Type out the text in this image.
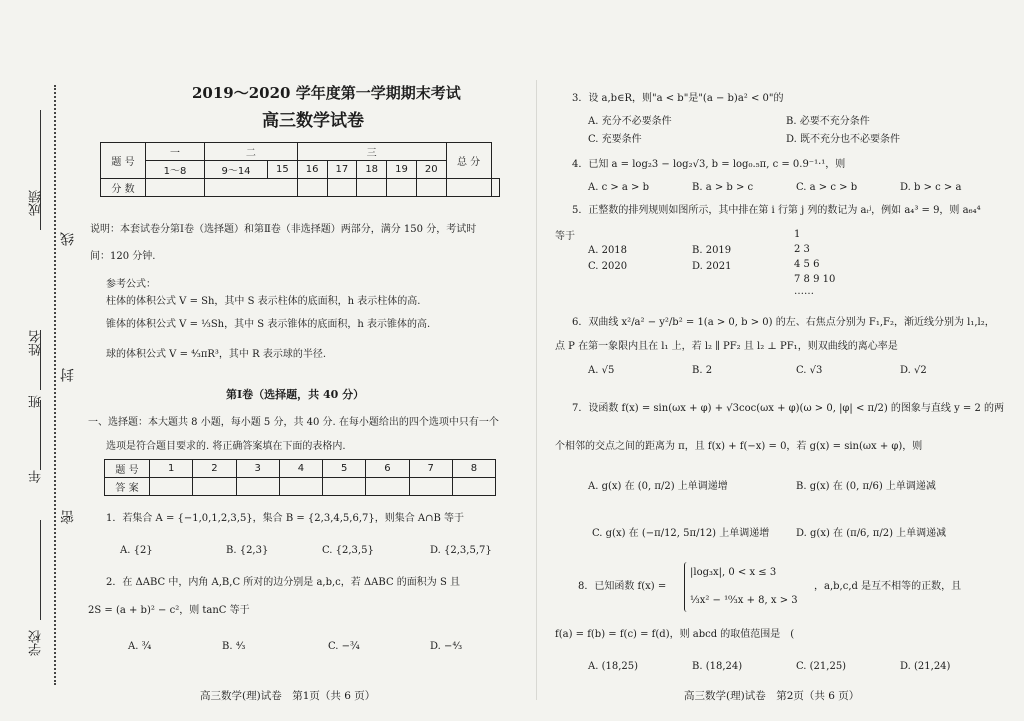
成绩
姓名
班
年
学校
线
封
密
2019～2020 学年度第一学期期末考试
高三数学试卷
题 号	一	二		三					总 分	
	1～8	9～14	15	16	17	18	19	20		
分 数										
说明：本套试卷分第Ⅰ卷（选择题）和第Ⅱ卷（非选择题）两部分，满分 150 分，考试时
间：120 分钟.
参考公式：
柱体的体积公式 V = Sh，其中 S 表示柱体的底面积，h 表示柱体的高.
锥体的体积公式 V = ⅓Sh，其中 S 表示锥体的底面积，h 表示锥体的高.
球的体积公式 V = ⁴⁄₃πR³，其中 R 表示球的半径.
第Ⅰ卷（选择题，共 40 分）
一、选择题：本大题共 8 小题，每小题 5 分，共 40 分. 在每小题给出的四个选项中只有一个
选项是符合题目要求的. 将正确答案填在下面的表格内.
题 号	1	2	3	4	5	6	7	8
答 案								
1．若集合 A = {−1,0,1,2,3,5}，集合 B = {2,3,4,5,6,7}，则集合 A∩B 等于
A. {2}	B. {2,3}	C. {2,3,5}	D. {2,3,5,7}
2．在 ΔABC 中，内角 A,B,C 所对的边分别是 a,b,c，若 ΔABC 的面积为 S 且
2S = (a + b)² − c²，则 tanC 等于
A. ¾	B. ⁴⁄₃	C. −¾	D. −⁴⁄₃
高三数学(理)试卷　第1页（共 6 页）
3．设 a,b∈R，则"a < b"是"(a − b)a² < 0"的
A. 充分不必要条件	B. 必要不充分条件
C. 充要条件	D. 既不充分也不必要条件
4．已知 a = log₂3 − log₂√3, b = log₀.₅π, c = 0.9⁻¹·¹，则
A. c > a > b	B. a > b > c	C. a > c > b	D. b > c > a
5．正整数的排列规则如图所示，其中排在第 i 行第 j 列的数记为 aᵢʲ，例如 a₄³ = 9，则 a₆₄⁴
等于
A. 2018	B. 2019
C. 2020	D. 2021
1
2 3
4 5 6
7 8 9 10
……
6．双曲线 x²/a² − y²/b² = 1(a > 0, b > 0) 的左、右焦点分别为 F₁,F₂，渐近线分别为 l₁,l₂，
点 P 在第一象限内且在 l₁ 上，若 l₂ ∥ PF₂ 且 l₂ ⊥ PF₁，则双曲线的离心率是
A. √5	B. 2	C. √3	D. √2
7．设函数 f(x) = sin(ωx + φ) + √3coc(ωx + φ)(ω > 0, |φ| < π/2) 的图象与直线 y = 2 的两
个相邻的交点之间的距离为 π，且 f(x) + f(−x) = 0，若 g(x) = sin(ωx + φ)，则
A. g(x) 在 (0, π/2) 上单调递增	B. g(x) 在 (0, π/6) 上单调递减
C. g(x) 在 (−π/12, 5π/12) 上单调递增	D. g(x) 在 (π/6, π/2) 上单调递减
8．已知函数 f(x) =
|log₃x|, 0 < x ≤ 3
⅓x² − ¹⁰⁄₃x + 8, x > 3
，a,b,c,d 是互不相等的正数，且
f(a) = f(b) = f(c) = f(d)，则 abcd 的取值范围是　(
A. (18,25)	B. (18,24)	C. (21,25)	D. (21,24)
高三数学(理)试卷　第2页（共 6 页）
